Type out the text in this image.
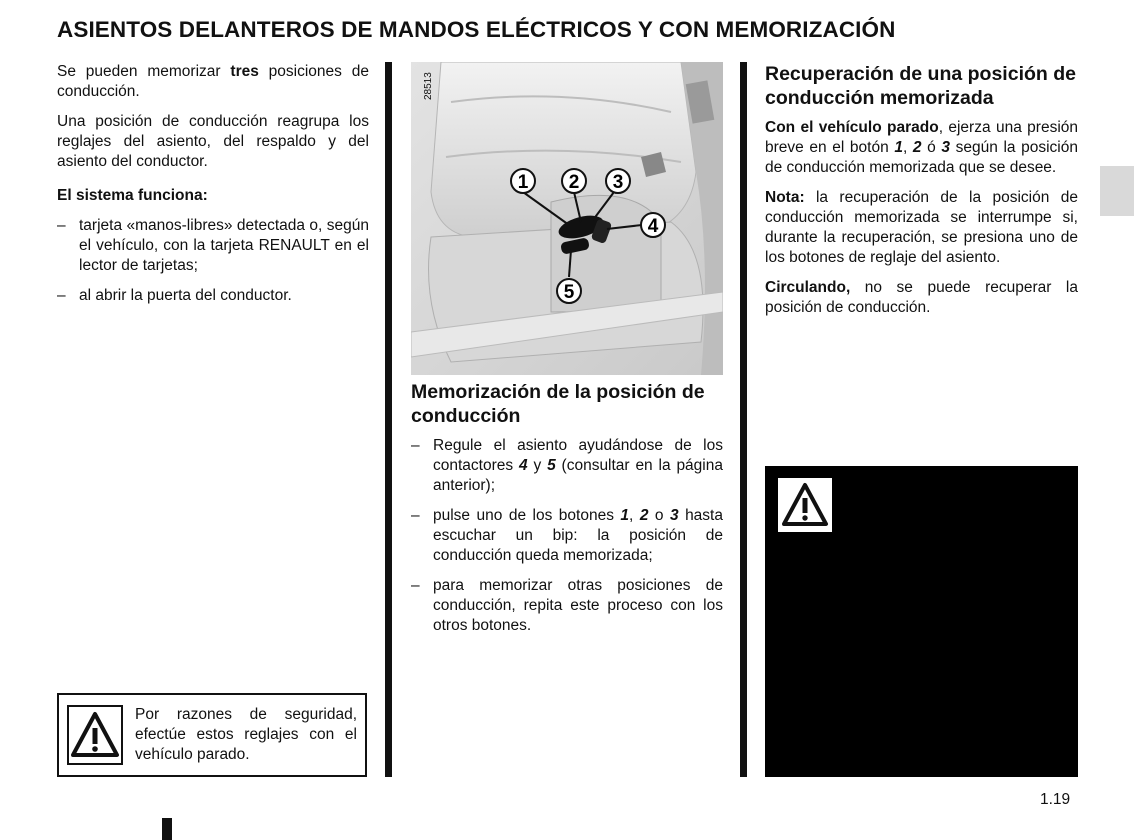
ASIENTOS DELANTEROS DE MANDOS ELÉCTRICOS Y CON MEMORIZACIÓN

Se pueden memorizar tres posiciones de conducción.

Una posición de conducción reagrupa los reglajes del asiento, del respaldo y del asiento del conductor.

El sistema funciona:

– tarjeta «manos-libres» detectada o, según el vehículo, con la tarjeta RENAULT en el lector de tarjetas;
– al abrir la puerta del conductor.
Por razones de seguridad, efectúe estos reglajes con el vehículo parado.
1 2 3
4
5
28513
Memorización de la posición de conducción
– Regule el asiento ayudándose de los contactores 4 y 5 (consultar en la página anterior);
– pulse uno de los botones 1, 2 o 3 hasta escuchar un bip: la posición de conducción queda memorizada;
– para memorizar otras posiciones de conducción, repita este proceso con los otros botones.
Recuperación de una posición de conducción memorizada

Con el vehículo parado, ejerza una presión breve en el botón 1, 2 ó 3 según la posición de conducción memorizada que se desee.

Nota: la recuperación de la posición de conducción memorizada se interrumpe si, durante la recuperación, se presiona uno de los botones de reglaje del asiento.

Circulando, no se puede recuperar la posición de conducción.

1.19
